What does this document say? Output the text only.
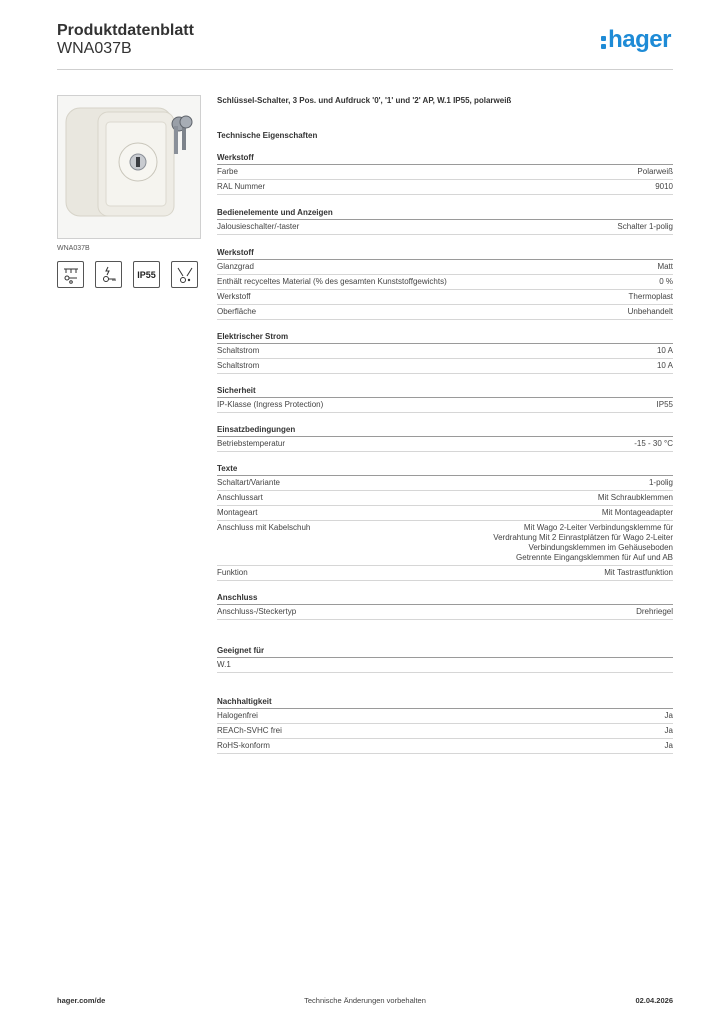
Produktdatenblatt
WNA037B	hager
WNA037B
IP55
Schlüssel-Schalter, 3 Pos. und Aufdruck '0', '1' und '2' AP, W.1 IP55, polarweiß
Technische Eigenschaften
Werkstoff
Farbe	Polarweiß
RAL Nummer	9010
Bedienelemente und Anzeigen
Jalousieschalter/-taster	Schalter 1-polig
Werkstoff
Glanzgrad	Matt
Enthält recyceltes Material (% des gesamten Kunststoffgewichts)	0 %
Werkstoff	Thermoplast
Oberfläche	Unbehandelt
Elektrischer Strom
Schaltstrom	10 A
Schaltstrom	10 A
Sicherheit
IP-Klasse (Ingress Protection)	IP55
Einsatzbedingungen
Betriebstemperatur	-15 - 30 °C
Texte
Schaltart/Variante	1-polig
Anschlussart	Mit Schraubklemmen
Montageart	Mit Montageadapter
Anschluss mit Kabelschuh	Mit Wago 2-Leiter Verbindungsklemme für Verdrahtung Mit 2 Einrastplätzen für Wago 2-Leiter Verbindungsklemmen im Gehäuseboden Getrennte Eingangsklemmen für Auf und AB
Funktion	Mit Tastrastfunktion
Anschluss
Anschluss-/Steckertyp	Drehriegel
Geeignet für
W.1
Nachhaltigkeit
Halogenfrei	Ja
REACh-SVHC frei	Ja
RoHS-konform	Ja
hager.com/de	Technische Änderungen vorbehalten	02.04.2026
